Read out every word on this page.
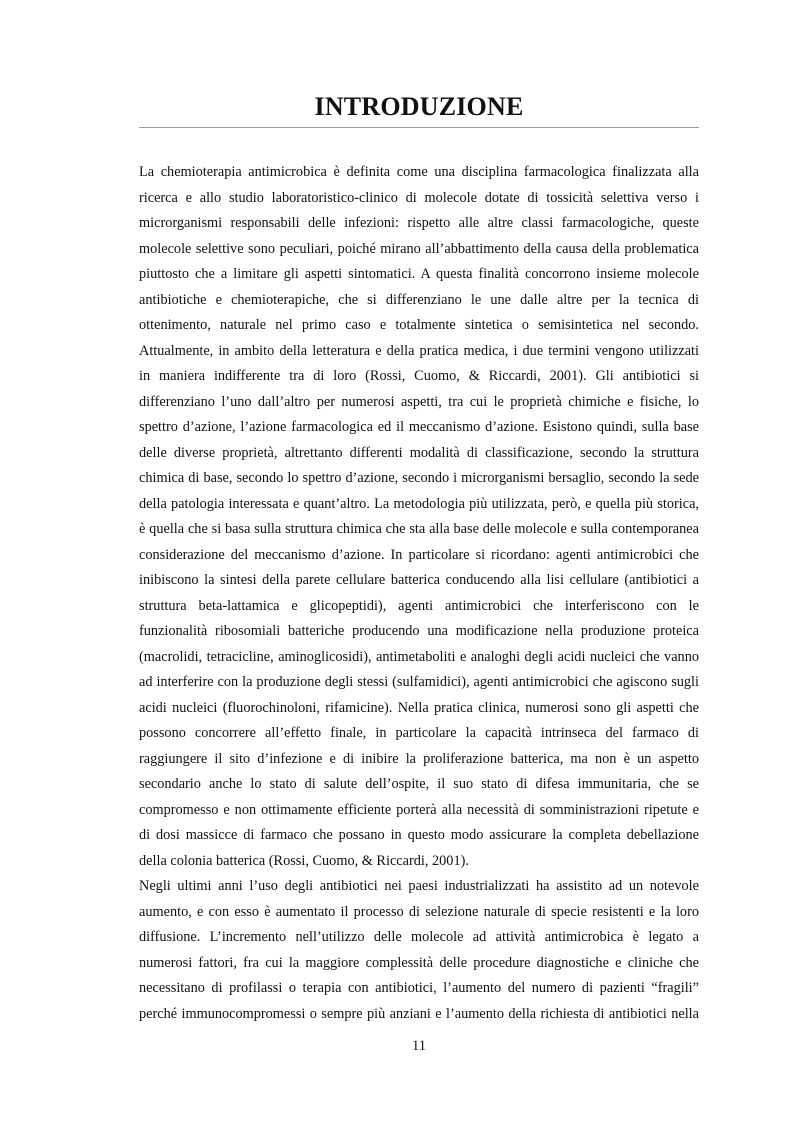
INTRODUZIONE
La chemioterapia antimicrobica è definita come una disciplina farmacologica finalizzata alla
ricerca e allo studio laboratoristico-clinico di molecole dotate di tossicità selettiva verso i
microrganismi responsabili delle infezioni: rispetto alle altre classi farmacologiche, queste
molecole selettive sono peculiari, poiché mirano all’abbattimento della causa della problematica
piuttosto che a limitare gli aspetti sintomatici. A questa finalità concorrono insieme molecole
antibiotiche e chemioterapiche, che si differenziano le une dalle altre per la tecnica di
ottenimento, naturale nel primo caso e totalmente sintetica o semisintetica nel secondo.
Attualmente, in ambito della letteratura e della pratica medica, i due termini vengono utilizzati
in maniera indifferente tra di loro (Rossi, Cuomo, & Riccardi, 2001). Gli antibiotici si
differenziano l’uno dall’altro per numerosi aspetti, tra cui le proprietà chimiche e fisiche, lo
spettro d’azione, l’azione farmacologica ed il meccanismo d’azione. Esistono quindi, sulla base
delle diverse proprietà, altrettanto differenti modalità di classificazione, secondo la struttura
chimica di base, secondo lo spettro d’azione, secondo i microrganismi bersaglio, secondo la sede
della patologia interessata e quant’altro. La metodologia più utilizzata, però, e quella più storica,
è quella che si basa sulla struttura chimica che sta alla base delle molecole e sulla contemporanea
considerazione del meccanismo d’azione. In particolare si ricordano: agenti antimicrobici che
inibiscono la sintesi della parete cellulare batterica conducendo alla lisi cellulare (antibiotici a
struttura beta-lattamica e glicopeptidi), agenti antimicrobici che interferiscono con le
funzionalità ribosomiali batteriche producendo una modificazione nella produzione proteica
(macrolidi, tetracicline, aminoglicosidi), antimetaboliti e analoghi degli acidi nucleici che vanno
ad interferire con la produzione degli stessi (sulfamidici), agenti antimicrobici che agiscono sugli
acidi nucleici (fluorochinoloni, rifamicine). Nella pratica clinica, numerosi sono gli aspetti che
possono concorrere all’effetto finale, in particolare la capacità intrinseca del farmaco di
raggiungere il sito d’infezione e di inibire la proliferazione batterica, ma non è un aspetto
secondario anche lo stato di salute dell’ospite, il suo stato di difesa immunitaria, che se
compromesso e non ottimamente efficiente porterà alla necessità di somministrazioni ripetute e
di dosi massicce di farmaco che possano in questo modo assicurare la completa debellazione
della colonia batterica (Rossi, Cuomo, & Riccardi, 2001).
Negli ultimi anni l’uso degli antibiotici nei paesi industrializzati ha assistito ad un notevole
aumento, e con esso è aumentato il processo di selezione naturale di specie resistenti e la loro
diffusione. L’incremento nell’utilizzo delle molecole ad attività antimicrobica è legato a
numerosi fattori, fra cui la maggiore complessità delle procedure diagnostiche e cliniche che
necessitano di profilassi o terapia con antibiotici, l’aumento del numero di pazienti “fragili”
perché immunocompromessi o sempre più anziani e l’aumento della richiesta di antibiotici nella
11
